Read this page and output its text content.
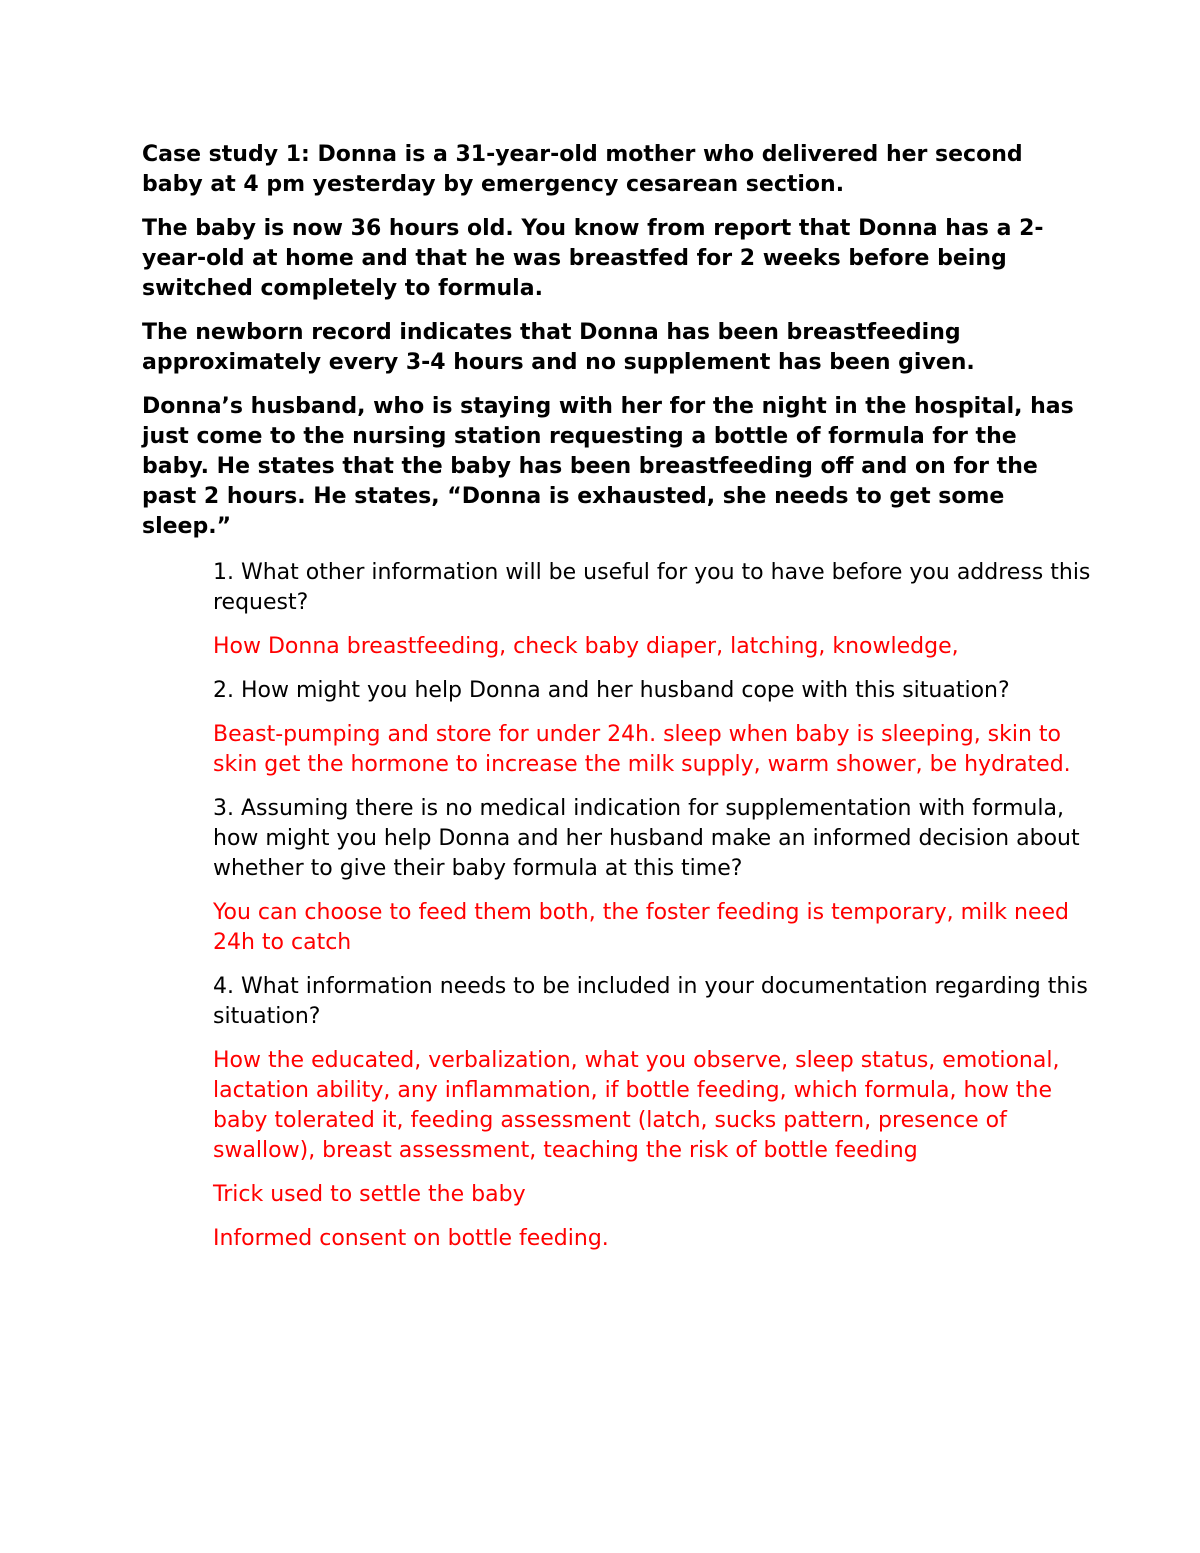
Case study 1: Donna is a 31-year-old mother who delivered her second baby at 4 pm yesterday by emergency cesarean section.

The baby is now 36 hours old. You know from report that Donna has a 2-year-old at home and that he was breastfed for 2 weeks before being switched completely to formula.

The newborn record indicates that Donna has been breastfeeding approximately every 3-4 hours and no supplement has been given.

Donna’s husband, who is staying with her for the night in the hospital, has just come to the nursing station requesting a bottle of formula for the baby. He states that the baby has been breastfeeding off and on for the past 2 hours. He states, “Donna is exhausted, she needs to get some sleep.”

1. What other information will be useful for you to have before you address this request?

How Donna breastfeeding, check baby diaper, latching, knowledge,

2. How might you help Donna and her husband cope with this situation?

Beast-pumping and store for under 24h. sleep when baby is sleeping, skin to skin get the hormone to increase the milk supply, warm shower, be hydrated.

3. Assuming there is no medical indication for supplementation with formula, how might you help Donna and her husband make an informed decision about whether to give their baby formula at this time?

You can choose to feed them both, the foster feeding is temporary, milk need 24h to catch

4. What information needs to be included in your documentation regarding this situation?

How the educated, verbalization, what you observe, sleep status, emotional, lactation ability, any inflammation, if bottle feeding, which formula, how the baby tolerated it, feeding assessment (latch, sucks pattern, presence of swallow), breast assessment, teaching the risk of bottle feeding

Trick used to settle the baby

Informed consent on bottle feeding.
